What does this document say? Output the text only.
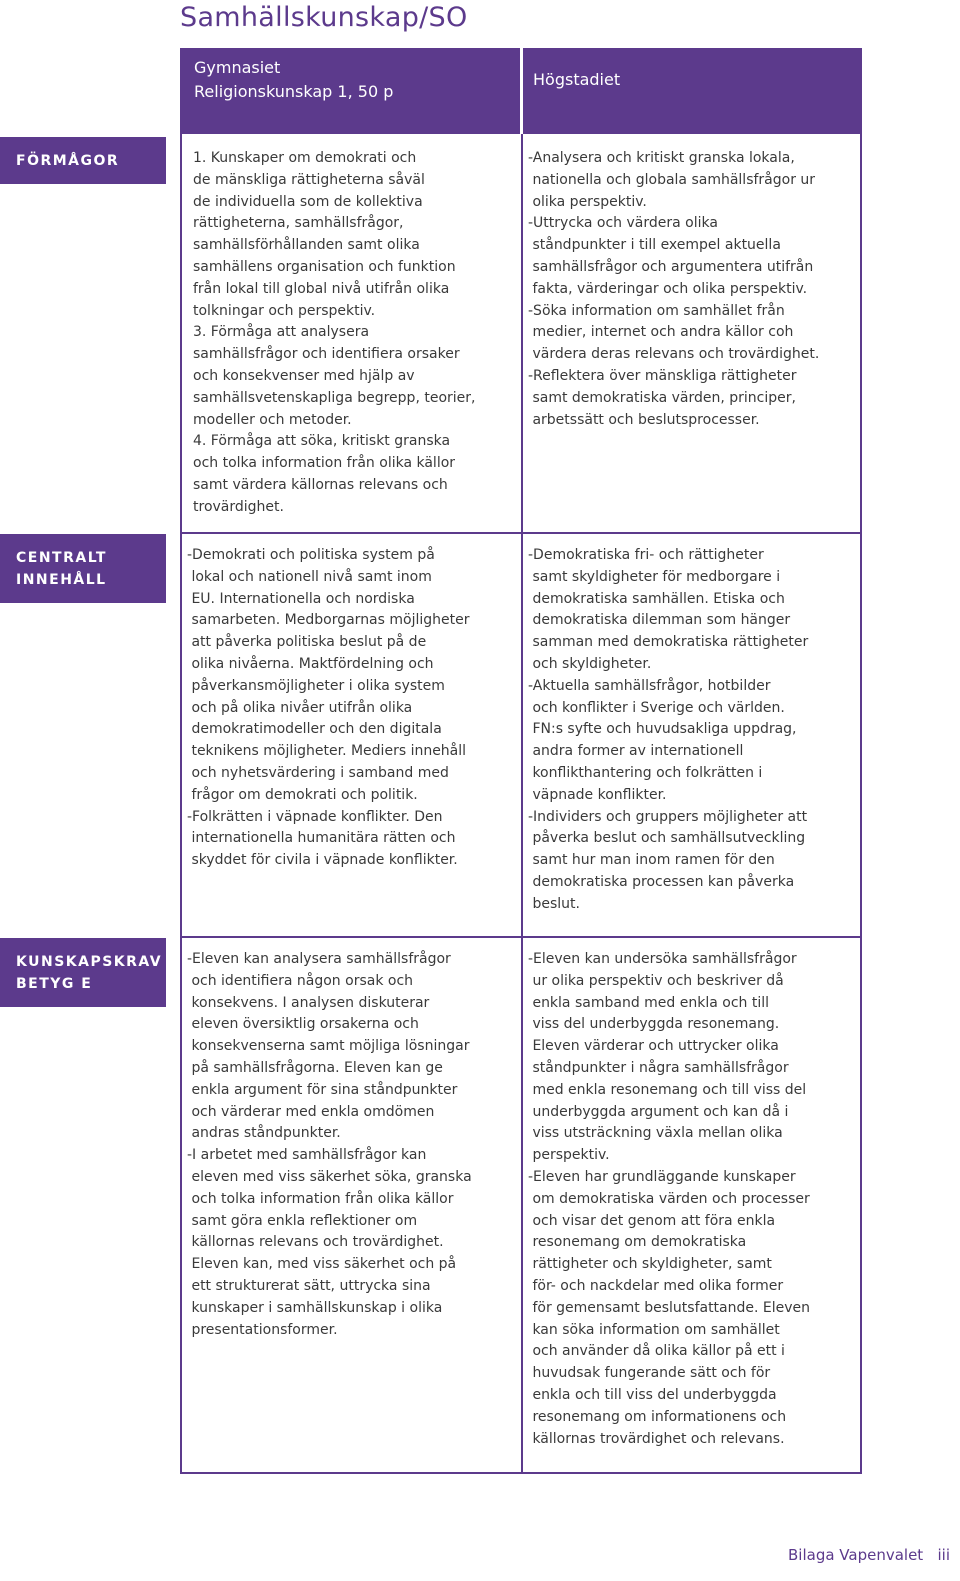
Samhällskunskap/SO
Gymnasiet
Religionskunskap 1, 50 p
Högstadiet
FÖRMÅGOR
CENTRALT
INNEHÅLL
KUNSKAPSKRAV
BETYG E
1. Kunskaper om demokrati och
de mänskliga rättigheterna såväl
de individuella som de kollektiva
rättigheterna, samhällsfrågor,
samhällsförhållanden samt olika
samhällens organisation och funktion
från lokal till global nivå utifrån olika
tolkningar och perspektiv.
3. Förmåga att analysera
samhällsfrågor och identifiera orsaker
och konsekvenser med hjälp av
samhällsvetenskapliga begrepp, teorier,
modeller och metoder.
4. Förmåga att söka, kritiskt granska
och tolka information från olika källor
samt värdera källornas relevans och
trovärdighet.
-Analysera och kritiskt granska lokala,
nationella och globala samhällsfrågor ur
olika perspektiv.
-Uttrycka och värdera olika
ståndpunkter i till exempel aktuella
samhällsfrågor och argumentera utifrån
fakta, värderingar och olika perspektiv.
-Söka information om samhället från
medier, internet och andra källor coh
värdera deras relevans och trovärdighet.
-Reflektera över mänskliga rättigheter
samt demokratiska värden, principer,
arbetssätt och beslutsprocesser.
-Demokrati och politiska system på
lokal och nationell nivå samt inom
EU. Internationella och nordiska
samarbeten. Medborgarnas möjligheter
att påverka politiska beslut på de
olika nivåerna. Maktfördelning och
påverkansmöjligheter i olika system
och på olika nivåer utifrån olika
demokratimodeller och den digitala
teknikens möjligheter. Mediers innehåll
och nyhetsvärdering i samband med
frågor om demokrati och politik.
-Folkrätten i väpnade konflikter. Den
internationella humanitära rätten och
skyddet för civila i väpnade konflikter.
-Demokratiska fri- och rättigheter
samt skyldigheter för medborgare i
demokratiska samhällen. Etiska och
demokratiska dilemman som hänger
samman med demokratiska rättigheter
och skyldigheter.
-Aktuella samhällsfrågor, hotbilder
och konflikter i Sverige och världen.
FN:s syfte och huvudsakliga uppdrag,
andra former av internationell
konflikthantering och folkrätten i
väpnade konflikter.
-Individers och gruppers möjligheter att
påverka beslut och samhällsutveckling
samt hur man inom ramen för den
demokratiska processen kan påverka
beslut.
-Eleven kan analysera samhällsfrågor
och identifiera någon orsak och
konsekvens. I analysen diskuterar
eleven översiktlig orsakerna och
konsekvenserna samt möjliga lösningar
på samhällsfrågorna. Eleven kan ge
enkla argument för sina ståndpunkter
och värderar med enkla omdömen
andras ståndpunkter.
-I arbetet med samhällsfrågor kan
eleven med viss säkerhet söka, granska
och tolka information från olika källor
samt göra enkla reflektioner om
källornas relevans och trovärdighet.
Eleven kan, med viss säkerhet och på
ett strukturerat sätt, uttrycka sina
kunskaper i samhällskunskap i olika
presentationsformer.
-Eleven kan undersöka samhällsfrågor
ur olika perspektiv och beskriver då
enkla samband med enkla och till
viss del underbyggda resonemang.
Eleven värderar och uttrycker olika
ståndpunkter i några samhällsfrågor
med enkla resonemang och till viss del
underbyggda argument och kan då i
viss utsträckning växla mellan olika
perspektiv.
-Eleven har grundläggande kunskaper
om demokratiska värden och processer
och visar det genom att föra enkla
resonemang om demokratiska
rättigheter och skyldigheter, samt
för- och nackdelar med olika former
för gemensamt beslutsfattande. Eleven
kan söka information om samhället
och använder då olika källor på ett i
huvudsak fungerande sätt och för
enkla och till viss del underbyggda
resonemang om informationens och
källornas trovärdighet och relevans.
Bilaga Vapenvalet   iii
